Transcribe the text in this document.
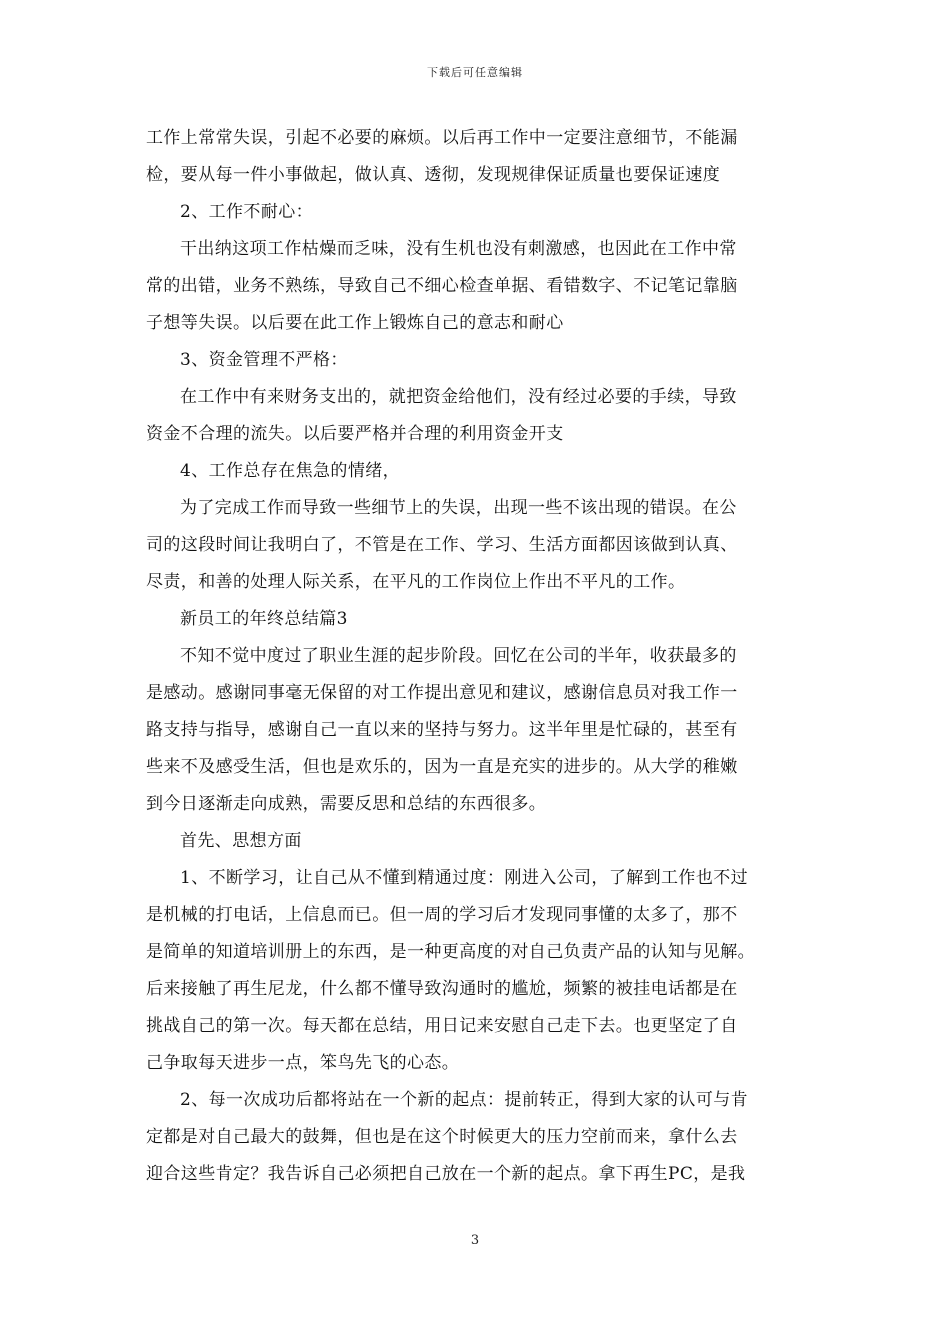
下载后可任意编辑
工作上常常失误，引起不必要的麻烦。以后再工作中一定要注意细节，不能漏
检，要从每一件小事做起，做认真、透彻，发现规律保证质量也要保证速度
2、工作不耐心：
干出纳这项工作枯燥而乏味，没有生机也没有刺激感，也因此在工作中常
常的出错，业务不熟练，导致自己不细心检查单据、看错数字、不记笔记靠脑
子想等失误。以后要在此工作上锻炼自己的意志和耐心
3、资金管理不严格：
在工作中有来财务支出的，就把资金给他们，没有经过必要的手续，导致
资金不合理的流失。以后要严格并合理的利用资金开支
4、工作总存在焦急的情绪，
为了完成工作而导致一些细节上的失误，出现一些不该出现的错误。在公
司的这段时间让我明白了，不管是在工作、学习、生活方面都因该做到认真、
尽责，和善的处理人际关系，在平凡的工作岗位上作出不平凡的工作。
新员工的年终总结篇3
不知不觉中度过了职业生涯的起步阶段。回忆在公司的半年，收获最多的
是感动。感谢同事毫无保留的对工作提出意见和建议，感谢信息员对我工作一
路支持与指导，感谢自己一直以来的坚持与努力。这半年里是忙碌的，甚至有
些来不及感受生活，但也是欢乐的，因为一直是充实的进步的。从大学的稚嫩
到今日逐渐走向成熟，需要反思和总结的东西很多。
首先、思想方面
1、不断学习，让自己从不懂到精通过度：刚进入公司，了解到工作也不过
是机械的打电话，上信息而已。但一周的学习后才发现同事懂的太多了，那不
是简单的知道培训册上的东西，是一种更高度的对自己负责产品的认知与见解。
后来接触了再生尼龙，什么都不懂导致沟通时的尴尬，频繁的被挂电话都是在
挑战自己的第一次。每天都在总结，用日记来安慰自己走下去。也更坚定了自
己争取每天进步一点，笨鸟先飞的心态。
2、每一次成功后都将站在一个新的起点：提前转正，得到大家的认可与肯
定都是对自己最大的鼓舞，但也是在这个时候更大的压力空前而来，拿什么去
迎合这些肯定？我告诉自己必须把自己放在一个新的起点。拿下再生PC，是我
3
